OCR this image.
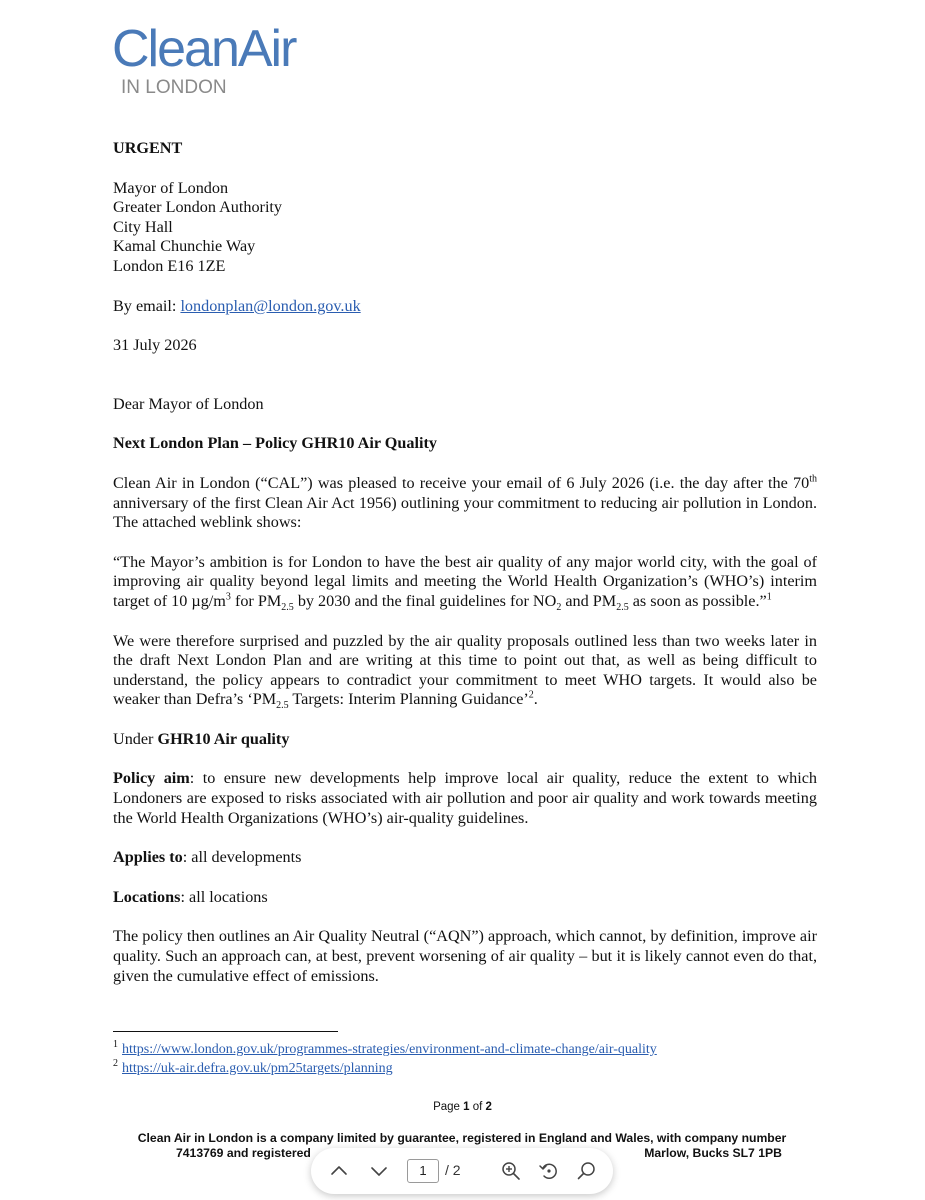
CleanAir
IN LONDON

URGENT

Mayor of London

Greater London Authority

City Hall

Kamal Chunchie Way

London E16 1ZE

By email: londonplan@london.gov.uk

31 July 2026

Dear Mayor of London

Next London Plan – Policy GHR10 Air Quality

Clean Air in London (“CAL”) was pleased to receive your email of 6 July 2026 (i.e. the day after the 70th anniversary of the first Clean Air Act 1956) outlining your commitment to reducing air pollution in London. The attached weblink shows:

“The Mayor’s ambition is for London to have the best air quality of any major world city, with the goal of improving air quality beyond legal limits and meeting the World Health Organization’s (WHO’s) interim target of 10 $\mu g/m^3$ for $PM_{2.5}$ by 2030 and the final guidelines for $NO_2$ and $PM_{2.5}$ as soon as possible.”$^1$

We were therefore surprised and puzzled by the air quality proposals outlined less than two weeks later in the draft Next London Plan and are writing at this time to point out that, as well as being difficult to understand, the policy appears to contradict your commitment to meet WHO targets. It would also be weaker than Defra’s ‘$PM_{2.5}$ Targets: Interim Planning Guidance’$^2$.

Under GHR10 Air quality

Policy aim: to ensure new developments help improve local air quality, reduce the extent to which Londoners are exposed to risks associated with air pollution and poor air quality and work towards meeting the World Health Organizations (WHO’s) air-quality guidelines.

Applies to: all developments

Locations: all locations

The policy then outlines an Air Quality Neutral (“AQN”) approach, which cannot, by definition, improve air quality. Such an approach can, at best, prevent worsening of air quality – but it is likely cannot even do that, given the cumulative effect of emissions.

$^1$ https://www.london.gov.uk/programmes-strategies/environment-and-climate-change/air-quality
$^2$ https://uk-air.defra.gov.uk/pm25targets/planning
Page 1 of 2
Clean Air in London is a company limited by guarantee, registered in England and Wales, with company number
7413769 and registered	Marlow, Bucks SL7 1PB
1	/ 2
